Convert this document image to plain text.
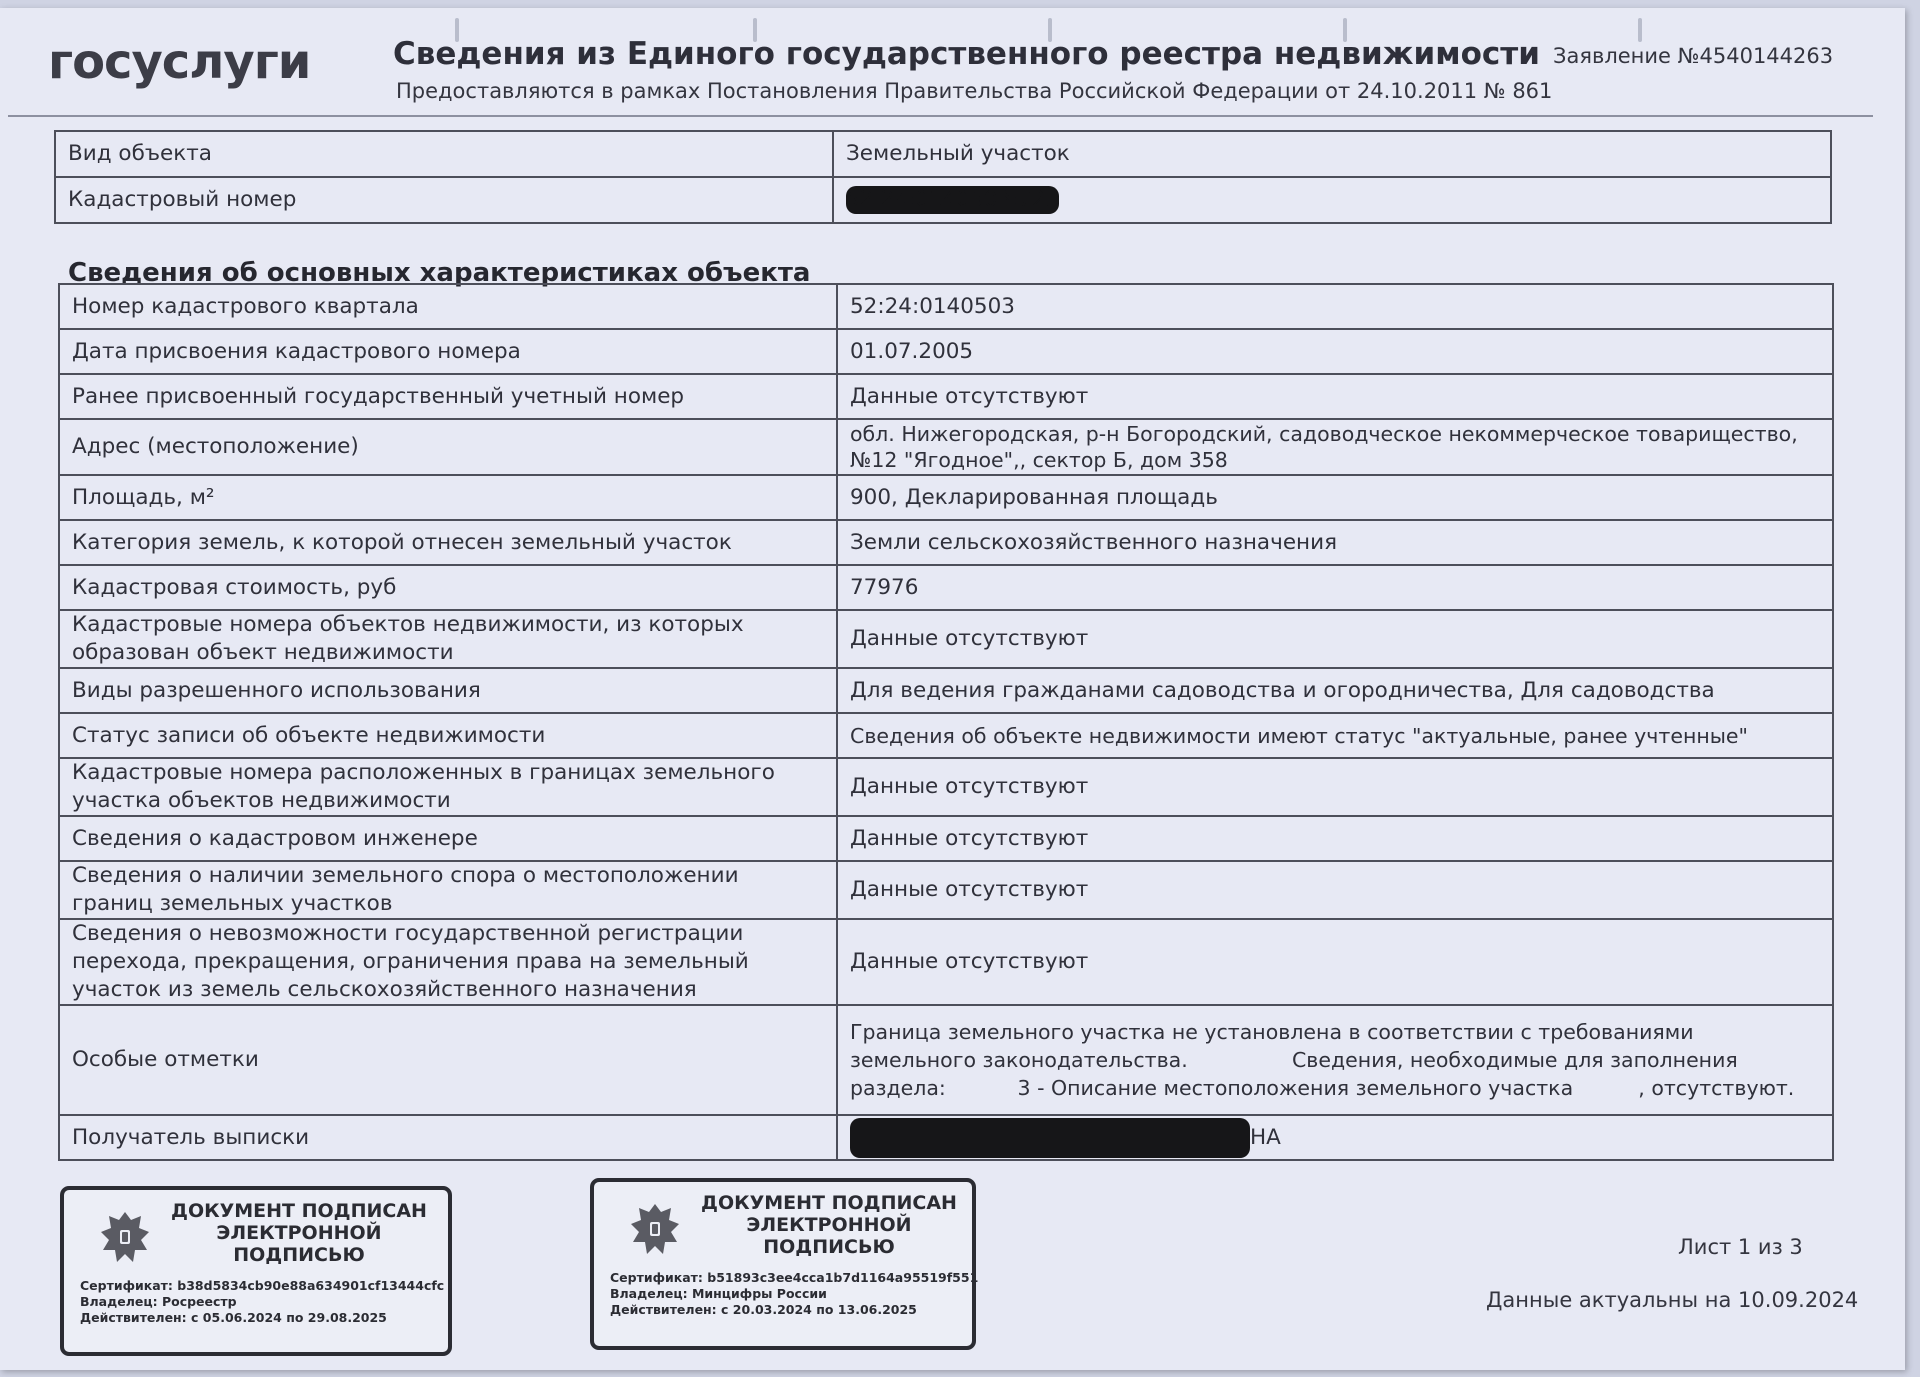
госуслуги	Сведения из Единого государственного реестра недвижимости
Предоставляются в рамках Постановления Правительства Российской Федерации от 24.10.2011 № 861
Заявление №4540144263
Вид объекта	Земельный участок
Кадастровый номер	52:24:0140503:725
Сведения об основных характеристиках объекта
Номер кадастрового квартала	52:24:0140503
Дата присвоения кадастрового номера	01.07.2005
Ранее присвоенный государственный учетный номер	Данные отсутствуют
Адрес (местоположение)	обл. Нижегородская, р-н Богородский, садоводческое некоммерческое товарищество, №12 "Ягодное",, сектор Б, дом 358
Площадь, м²	900, Декларированная площадь
Категория земель, к которой отнесен земельный участок	Земли сельскохозяйственного назначения
Кадастровая стоимость, руб	77976
Кадастровые номера объектов недвижимости, из которых образован объект недвижимости	Данные отсутствуют
Виды разрешенного использования	Для ведения гражданами садоводства и огородничества, Для садоводства
Статус записи об объекте недвижимости	Сведения об объекте недвижимости имеют статус "актуальные, ранее учтенные"
Кадастровые номера расположенных в границах земельного участка объектов недвижимости	Данные отсутствуют
Сведения о кадастровом инженере	Данные отсутствуют
Сведения о наличии земельного спора о местоположении границ земельных участков	Данные отсутствуют
Сведения о невозможности государственной регистрации перехода, прекращения, ограничения права на земельный участок из земель сельскохозяйственного назначения	Данные отсутствуют
Особые отметки	Граница земельного участка не установлена в соответствии с требованиями земельного законодательства.                Сведения, необходимые для заполнения раздела:           3 - Описание местоположения земельного участка          , отсутствуют.
Получатель выписки	НА
ДОКУМЕНТ ПОДПИСАН ЭЛЕКТРОННОЙ ПОДПИСЬЮ
Сертификат: b38d5834cb90e88a634901cf13444cfc
Владелец: Росреестр
Действителен: с 05.06.2024 по 29.08.2025
ДОКУМЕНТ ПОДПИСАН ЭЛЕКТРОННОЙ ПОДПИСЬЮ
Сертификат: b51893c3ee4cca1b7d1164a95519f551
Владелец: Минцифры России
Действителен: с 20.03.2024 по 13.06.2025
Лист 1 из 3
Данные актуальны на 10.09.2024
